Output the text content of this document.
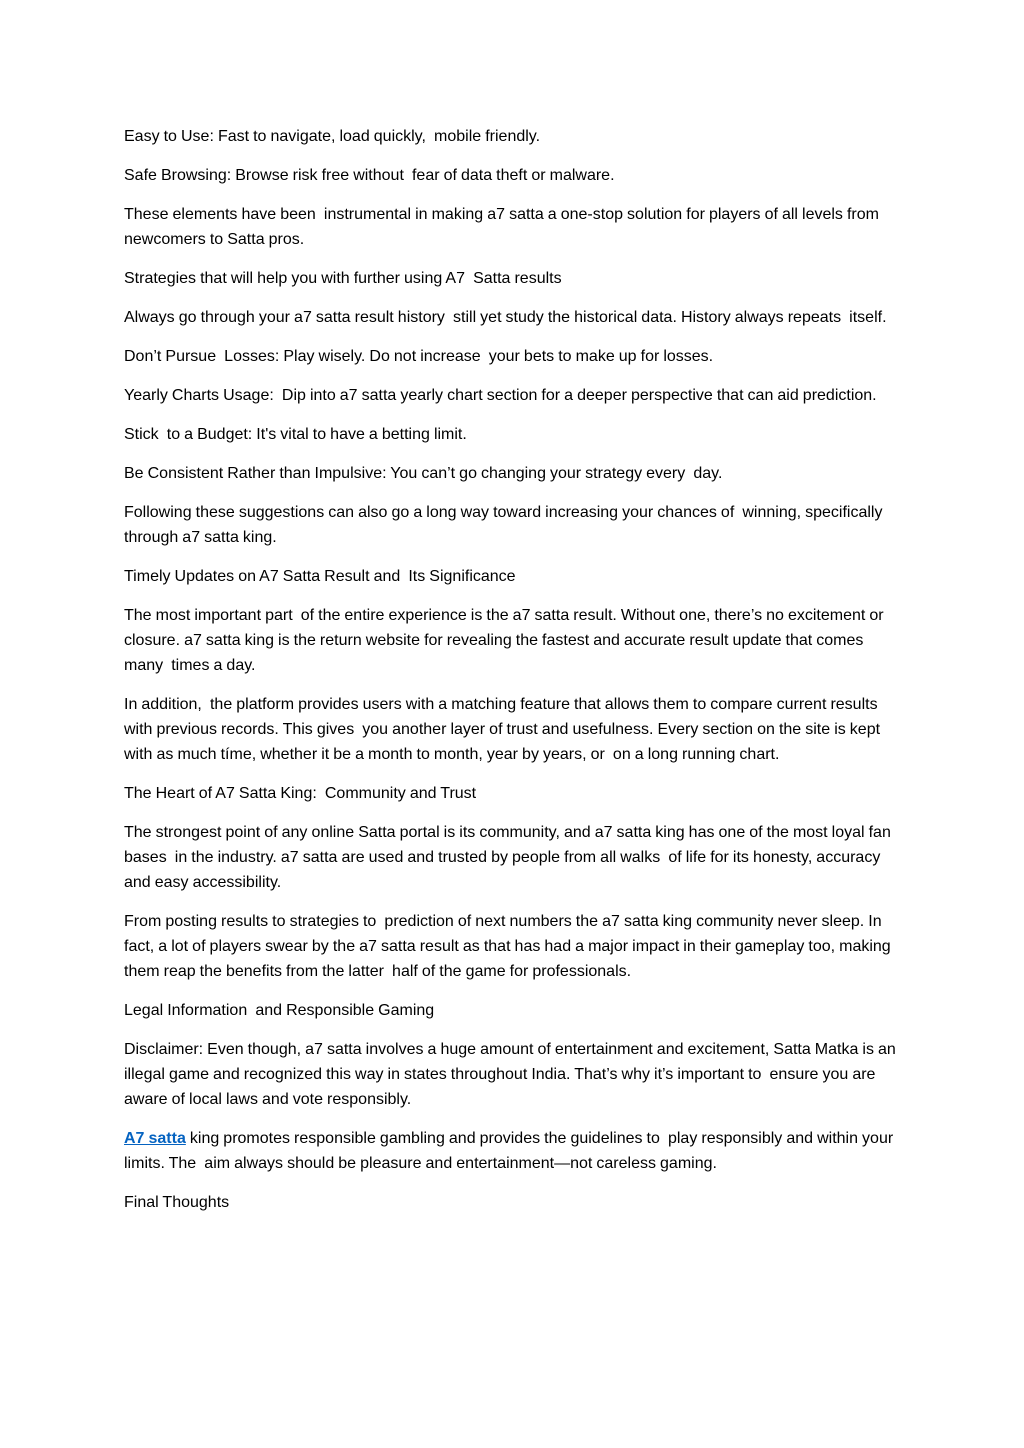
Easy to Use: Fast to navigate, load quickly,  mobile friendly.

Safe Browsing: Browse risk free without  fear of data theft or malware.

These elements have been  instrumental in making a7 satta a one-stop solution for players of all levels from newcomers to Satta pros.

Strategies that will help you with further using A7  Satta results

Always go through your a7 satta result history  still yet study the historical data. History always repeats  itself.

Don’t Pursue  Losses: Play wisely. Do not increase  your bets to make up for losses.

Yearly Charts Usage:  Dip into a7 satta yearly chart section for a deeper perspective that can aid prediction.

Stick  to a Budget: It's vital to have a betting limit.

Be Consistent Rather than Impulsive: You can’t go changing your strategy every  day.

Following these suggestions can also go a long way toward increasing your chances of  winning, specifically through a7 satta king.

Timely Updates on A7 Satta Result and  Its Significance

The most important part  of the entire experience is the a7 satta result. Without one, there’s no excitement or  closure. a7 satta king is the return website for revealing the fastest and accurate result update that comes many  times a day.

In addition,  the platform provides users with a matching feature that allows them to compare current results with previous records. This gives  you another layer of trust and usefulness. Every section on the site is kept with as much tíme, whether it be a month to month, year by years, or  on a long running chart.

The Heart of A7 Satta King:  Community and Trust

The strongest point of any online Satta portal is its community, and a7 satta king has one of the most loyal fan bases  in the industry. a7 satta are used and trusted by people from all walks  of life for its honesty, accuracy and easy accessibility.

From posting results to strategies to  prediction of next numbers the a7 satta king community never sleep. In fact, a lot of players swear by the a7 satta result as that has had a major impact in their gameplay too, making them reap the benefits from the latter  half of the game for professionals.

Legal Information  and Responsible Gaming

Disclaimer: Even though, a7 satta involves a huge amount of entertainment and excitement, Satta Matka is an illegal game and recognized this way in states throughout India. That’s why it’s important to  ensure you are aware of local laws and vote responsibly.

A7 satta king promotes responsible gambling and provides the guidelines to  play responsibly and within your limits. The  aim always should be pleasure and entertainment—not careless gaming.

Final Thoughts
